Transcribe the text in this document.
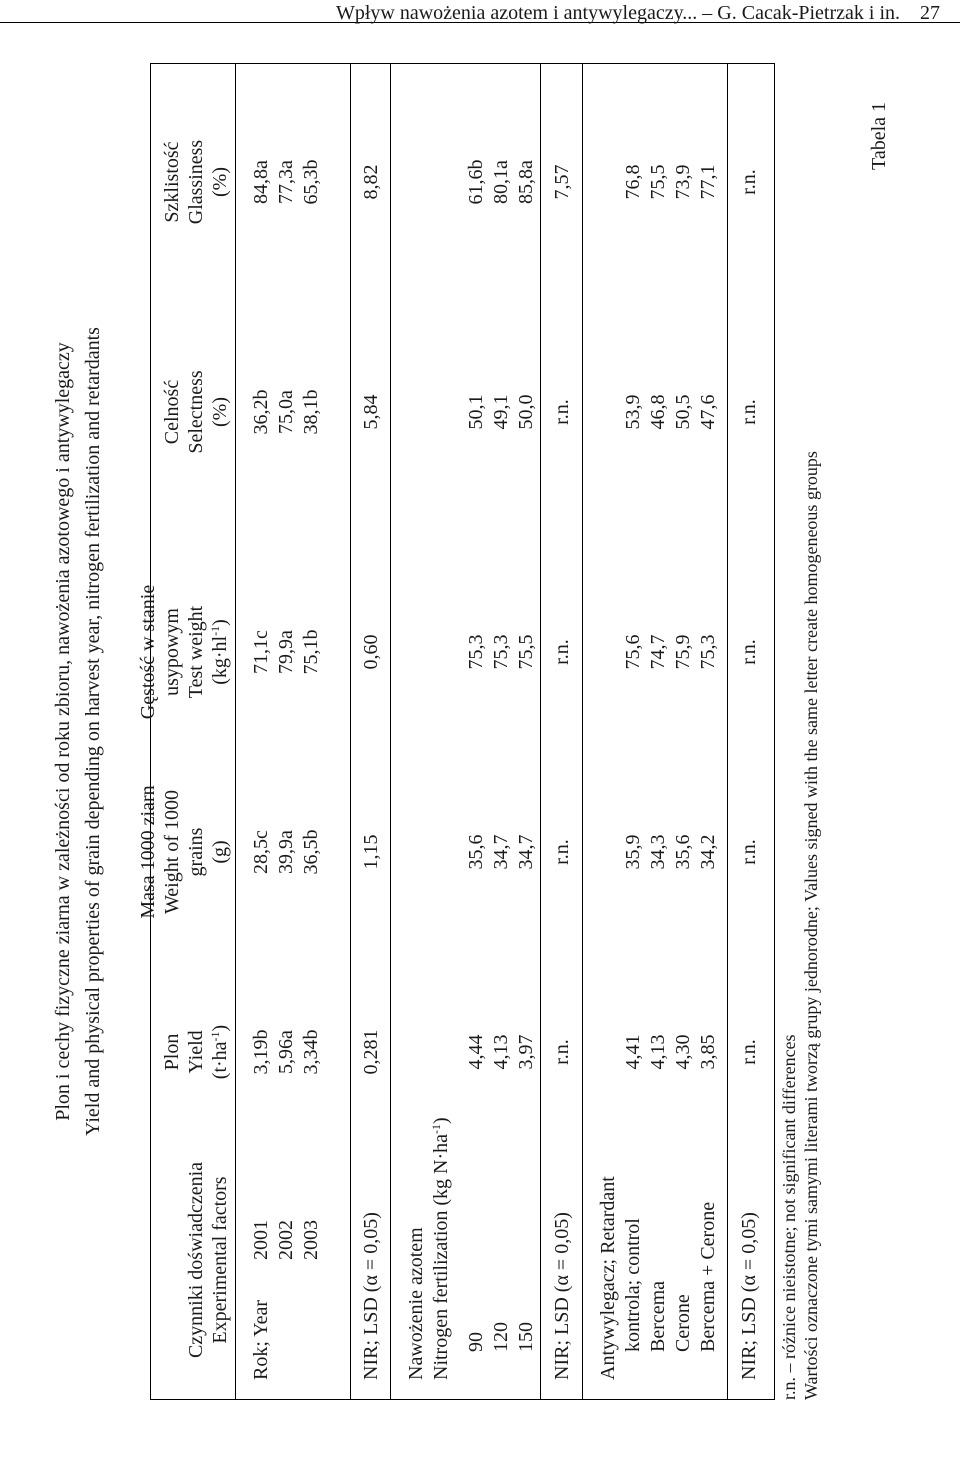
Wpływ nawożenia azotem i antywylegaczy... – G. Cacak-Pietrzak i in. 27
Tabela 1
Plon i cechy fizyczne ziarna w zależności od roku zbioru, nawożenia azotowego i antywylegaczy Yield and physical properties of grain depending on harvest year, nitrogen fertilization and retardants
Czynniki doświadczenia Experimental factors
Plon Yield $(t\cdot ha^{-1})$
Masa 1000 ziarn Weight of 1000 grains (g)
Gęstość w stanie usypowym Test weight $(kg\cdot hl^{-1})$
Celność Selectness (%)
Szklistość Glassiness (%)
Rok; Year
2001 2002 2003
3,19b
28,5c
71,1c
36,2b
84,8a
5,96a
39,9a
79,9a
75,0a
77,3a
3,34b
36,5b
75,1b
38,1b
65,3b
NIR; LSD (α = 0,05)
0,281
1,15
0,60
5,84
8,82
Nawożenie azotem Nitrogen fertilization (kg $N\cdot ha^{-1}$)
90 120 150
4,44
35,6
75,3
50,1
61,6b
4,13
34,7
75,3
49,1
80,1a
3,97
34,7
75,5
50,0
85,8a
NIR; LSD (α = 0,05)
r.n.
r.n.
r.n.
r.n.
7,57
Antywylegacz; Retardant kontrola; control Bercema Cerone Bercema + Cerone
4,41
35,9
75,6
53,9
76,8
4,13
34,3
74,7
46,8
75,5
4,30
35,6
75,9
50,5
73,9
3,85
34,2
75,3
47,6
77,1
NIR; LSD (α = 0,05)
r.n.
r.n.
r.n.
r.n.
r.n.
r.n. – różnice nieistotne; not significant differences Wartości oznaczone tymi samymi literami tworzą grupy jednorodne; Values signed with the same letter create homogeneous groups
